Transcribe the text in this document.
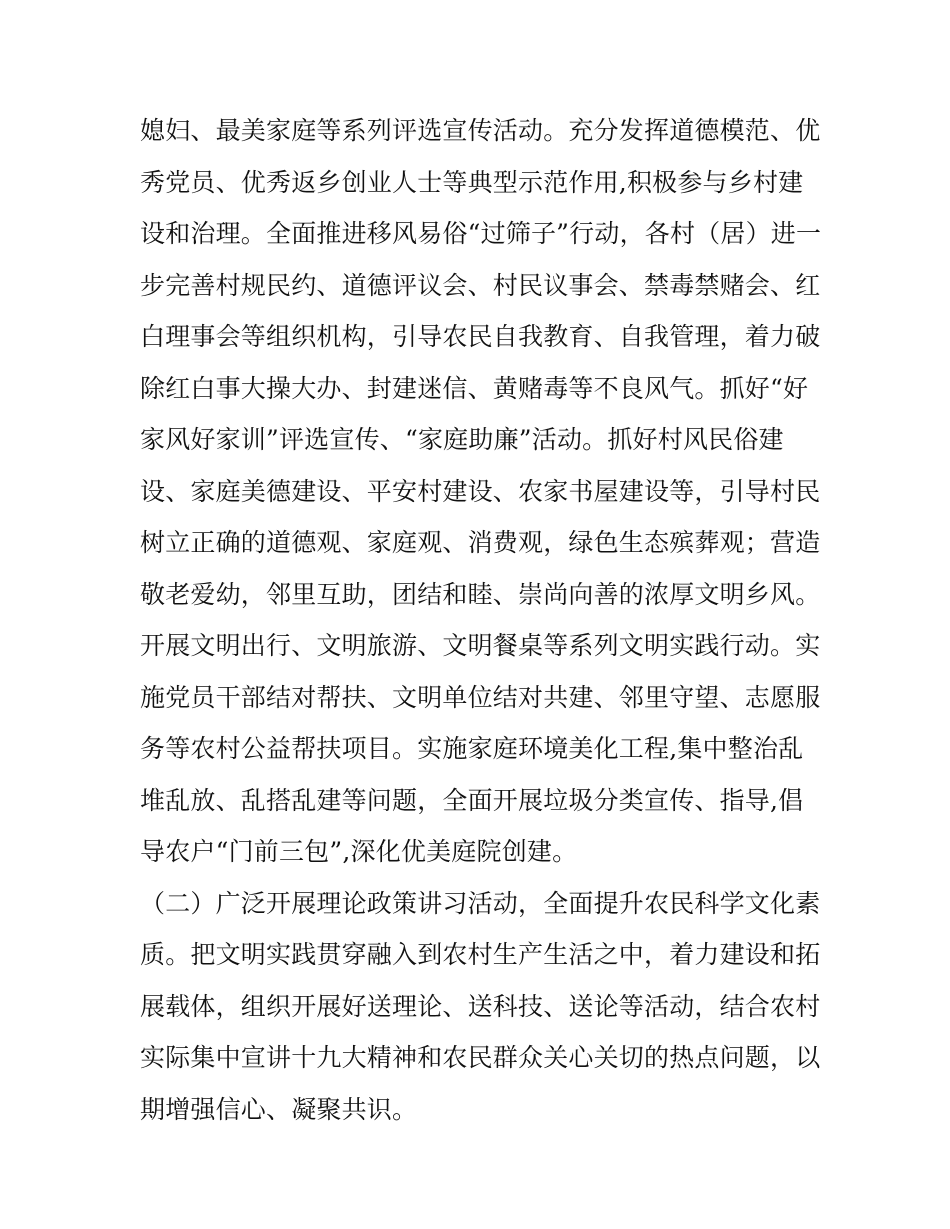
媳妇、最美家庭等系列评选宣传活动。充分发挥道德模范、优
秀党员、优秀返乡创业人士等典型示范作用,积极参与乡村建
设和治理。全面推进移风易俗“过筛子”行动，各村（居）进一
步完善村规民约、道德评议会、村民议事会、禁毒禁赌会、红
白理事会等组织机构，引导农民自我教育、自我管理，着力破
除红白事大操大办、封建迷信、黄赌毒等不良风气。抓好“好
家风好家训”评选宣传、“家庭助廉”活动。抓好村风民俗建
设、家庭美德建设、平安村建设、农家书屋建设等，引导村民
树立正确的道德观、家庭观、消费观，绿色生态殡葬观；营造
敬老爱幼，邻里互助，团结和睦、崇尚向善的浓厚文明乡风。
开展文明出行、文明旅游、文明餐桌等系列文明实践行动。实
施党员干部结对帮扶、文明单位结对共建、邻里守望、志愿服
务等农村公益帮扶项目。实施家庭环境美化工程,集中整治乱
堆乱放、乱搭乱建等问题，全面开展垃圾分类宣传、指导,倡
导农户“门前三包”,深化优美庭院创建。
（二）广泛开展理论政策讲习活动，全面提升农民科学文化素
质。把文明实践贯穿融入到农村生产生活之中，着力建设和拓
展载体，组织开展好送理论、送科技、送论等活动，结合农村
实际集中宣讲十九大精神和农民群众关心关切的热点问题，以
期增强信心、凝聚共识。
